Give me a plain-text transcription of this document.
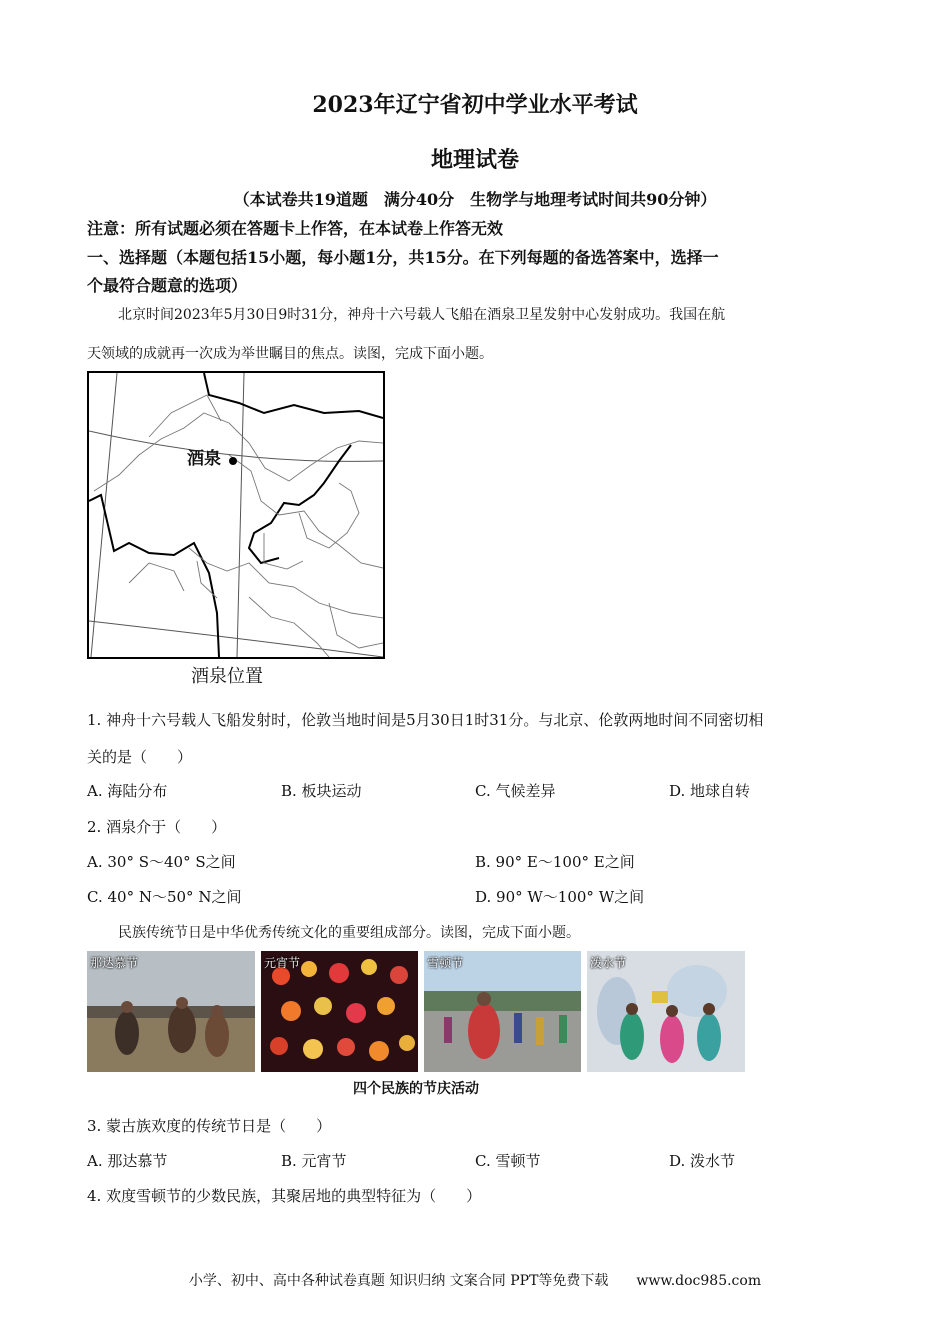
2023年辽宁省初中学业水平考试
地理试卷
（本试卷共19道题　满分40分　生物学与地理考试时间共90分钟）
注意：所有试题必须在答题卡上作答，在本试卷上作答无效
一、选择题（本题包括15小题，每小题1分，共15分。在下列每题的备选答案中，选择一
个最符合题意的选项）
北京时间2023年5月30日9时31分，神舟十六号载人飞船在酒泉卫星发射中心发射成功。我国在航
天领域的成就再一次成为举世瞩目的焦点。读图，完成下面小题。
酒泉
酒泉位置
1. 神舟十六号载人飞船发射时，伦敦当地时间是5月30日1时31分。与北京、伦敦两地时间不同密切相
关的是（　　）
A. 海陆分布	B. 板块运动	C. 气候差异	D. 地球自转
2. 酒泉介于（　　）
A. 30° S～40° S之间	B. 90° E～100° E之间
C. 40° N～50° N之间	D. 90° W～100° W之间
民族传统节日是中华优秀传统文化的重要组成部分。读图，完成下面小题。
那达慕节	元宵节	雪顿节	泼水节
四个民族的节庆活动
3. 蒙古族欢度的传统节日是（　　）
A. 那达慕节	B. 元宵节	C. 雪顿节	D. 泼水节
4. 欢度雪顿节的少数民族，其聚居地的典型特征为（　　）
小学、初中、高中各种试卷真题 知识归纳 文案合同 PPT等免费下载　　www.doc985.com
